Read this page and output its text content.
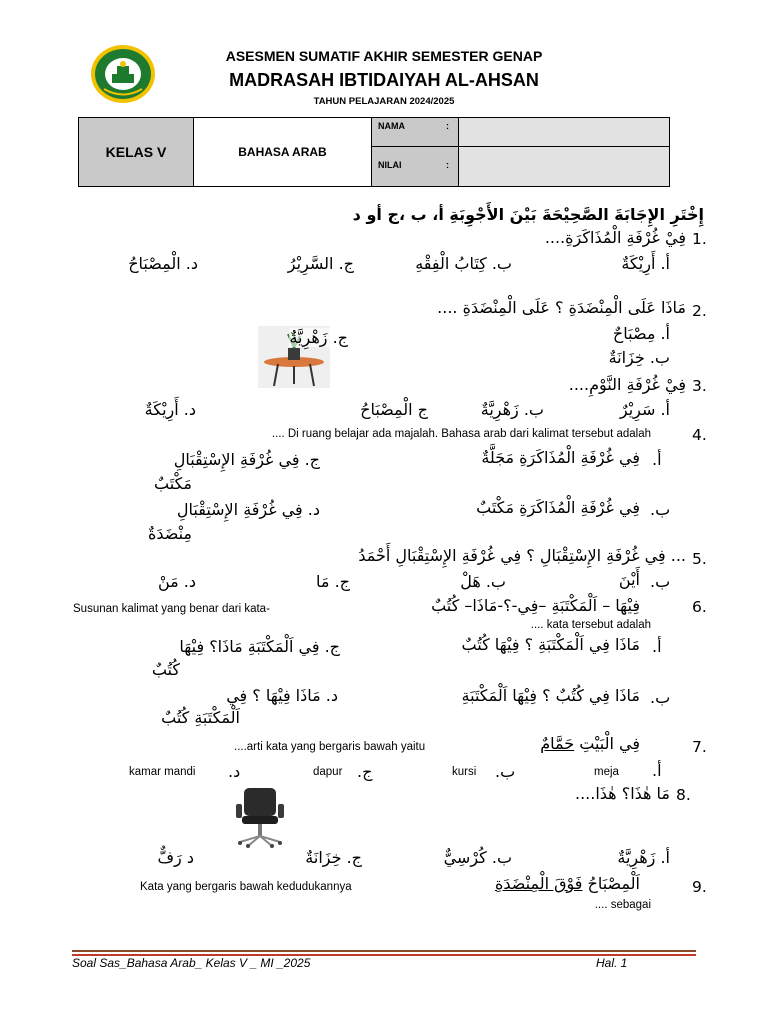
ASESMEN SUMATIF AKHIR SEMESTER GENAP
MADRASAH IBTIDAIYAH AL-AHSAN
TAHUN PELAJARAN 2024/2025
KELAS V	BAHASA ARAB	NAMA :	

		NILAI :	

إِخْتَرِ الإِجَابَةَ الصَّحِيْحَةَ بَيْنَ الأَجْوِبَةِ أ، ب ،ج أو د
1.
فِيْ غُرْفَةِ الْمُذَاكَرَةِ....
أ. أَرِيْكَةٌ
ب. كِتَابُ الْفِقْهِ
ج. السَّرِيْرُ
د. الْمِصْبَاحُ
2.
مَاذَا عَلَى الْمِنْضَدَةِ ؟ عَلَى الْمِنْضَدَةِ ....
أ. مِصْبَاحٌ
ب. خِزَانَةٌ
ج. زَهْرِيَّةٌ
3.
فِيْ غُرْفَةِ النَّوْمِ....
أ. سَرِيْرٌ
ب. زَهْرِيَّةٌ
ج الْمِصْبَاحُ
د. أَرِيْكَةٌ
4.
.... Di ruang belajar ada majalah. Bahasa arab dari kalimat tersebut adalah
أ.
فِي غُرْفَةِ الْمُذَاكَرَةِ مَجَلَّةٌ
ج. فِي غُرْفَةِ الإِسْتِقْبَالِ
مَكْتَبٌ
ب.
فِي غُرْفَةِ الْمُذَاكَرَةِ مَكْتَبٌ
د. فِي غُرْفَةِ الإِسْتِقْبَالِ
مِنْضَدَةٌ
5.
... فِي غُرْفَةِ الإِسْتِقْبَالِ ؟ فِي غُرْفَةِ الإِسْتِقْبَالِ أَحْمَدُ
ب.
أَيْنَ
ب. هَلْ
ج. مَا
د. مَنْ
6.
فِيْهَا – اَلْمَكْتَبَةِ –فِي-؟-مَاذَا– كُتُبٌ
Susunan kalimat yang benar dari kata-
.... kata tersebut adalah
أ.
مَاذَا فِي اَلْمَكْتَبَةِ ؟ فِيْهَا كُتُبٌ
ج. فِي اَلْمَكْتَبَةِ مَاذَا؟ فِيْهَا
كُتُبٌ
ب.
مَاذَا فِي كُتُبٌ ؟ فِيْهَا اَلْمَكْتَبَةِ
د. مَاذَا فِيْهَا ؟ فِي
اَلْمَكْتَبَةِ كُتُبٌ
7.
فِي الْبَيْتِ حَمَّامٌ
....arti kata yang bergaris bawah yaitu
أ.
meja
ب.
kursi
ج.
dapur
د.
kamar mandi
8.
مَا هٰذَا؟ هٰذَا....
أ. زَهْرِيَّةٌ
ب. كُرْسِيٌّ
ج. خِزَانَةٌ
د رَفٌّ
9.
اَلْمِصْبَاحُ فَوْقَ الْمِنْضَدَةِ
Kata yang bergaris bawah kedudukannya
.... sebagai
Soal Sas_Bahasa Arab_ Kelas V _ MI _2025	Hal. 1
